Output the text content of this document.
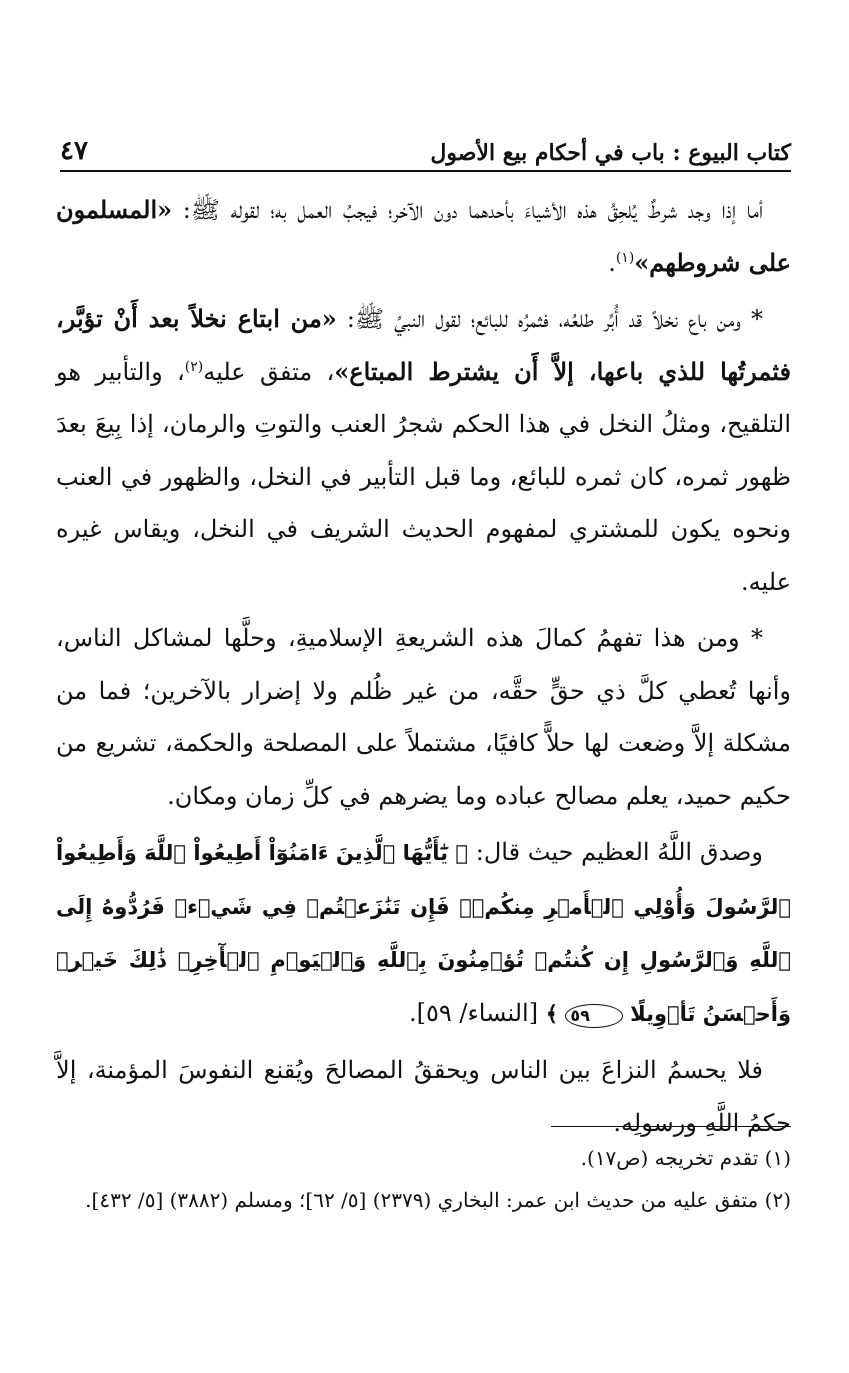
كتاب البيوع : باب في أحكام بيع الأصول
٤٧

أما إذا وجد شرطٌ يُلحِقُ هذه الأشياءَ بأحدهما دون الآخر؛ فيجبُ العمل به؛ لقوله ﷺ: «المسلمون على شروطهم»$^{(١)}$.

* ومن باع نخلاً قد أُبِّر طلعُه، فثمرُه للبائع؛ لقول النبيِّ ﷺ: «من ابتاع نخلاً بعد أَنْ تؤبَّر، فثمرتُها للذي باعها، إلاَّ أَن يشترط المبتاع»، متفق عليه$^{(٢)}$، والتأبير هو التلقيح، ومثلُ النخل في هذا الحكم شجرُ العنب والتوتِ والرمان، إذا بِيعَ بعدَ ظهور ثمره، كان ثمره للبائع، وما قبل التأبير في النخل، والظهور في العنب ونحوه يكون للمشتري لمفهوم الحديث الشريف في النخل، ويقاس غيره عليه.

* ومن هذا تفهمُ كمالَ هذه الشريعةِ الإسلاميةِ، وحلَّها لمشاكل الناس، وأنها تُعطي كلَّ ذي حقٍّ حقَّه، من غير ظُلم ولا إضرار بالآخرين؛ فما من مشكلة إلاَّ وضعت لها حلاًّ كافيًا، مشتملاً على المصلحة والحكمة، تشريع من حكيم حميد، يعلم مصالح عباده وما يضرهم في كلِّ زمان ومكان.

وصدق اللَّهُ العظيم حيث قال: ﴿ يَٰٓأَيُّهَا ٱلَّذِينَ ءَامَنُوٓاْ أَطِيعُواْ ٱللَّهَ وَأَطِيعُواْ ٱلرَّسُولَ وَأُوْلِي ٱلۡأَمۡرِ مِنكُمۡۖ فَإِن تَنَٰزَعۡتُمۡ فِي شَيۡءٖ فَرُدُّوهُ إِلَى ٱللَّهِ وَٱلرَّسُولِ إِن كُنتُمۡ تُؤۡمِنُونَ بِٱللَّهِ وَٱلۡيَوۡمِ ٱلۡأٓخِرِۚ ذَٰلِكَ خَيۡرٞ وَأَحۡسَنُ تَأۡوِيلًا ٥٩ ﴾ [النساء/ ٥٩].

فلا يحسمُ النزاعَ بين الناس ويحققُ المصالحَ ويُقنع النفوسَ المؤمنة، إلاَّ حكمُ اللَّهِ ورسولِه.

(١) تقدم تخريجه (ص١٧).

(٢) متفق عليه من حديث ابن عمر: البخاري (٢٣٧٩) [٥/ ٦٢]؛ ومسلم (٣٨٨٢) [٥/ ٤٣٢].
